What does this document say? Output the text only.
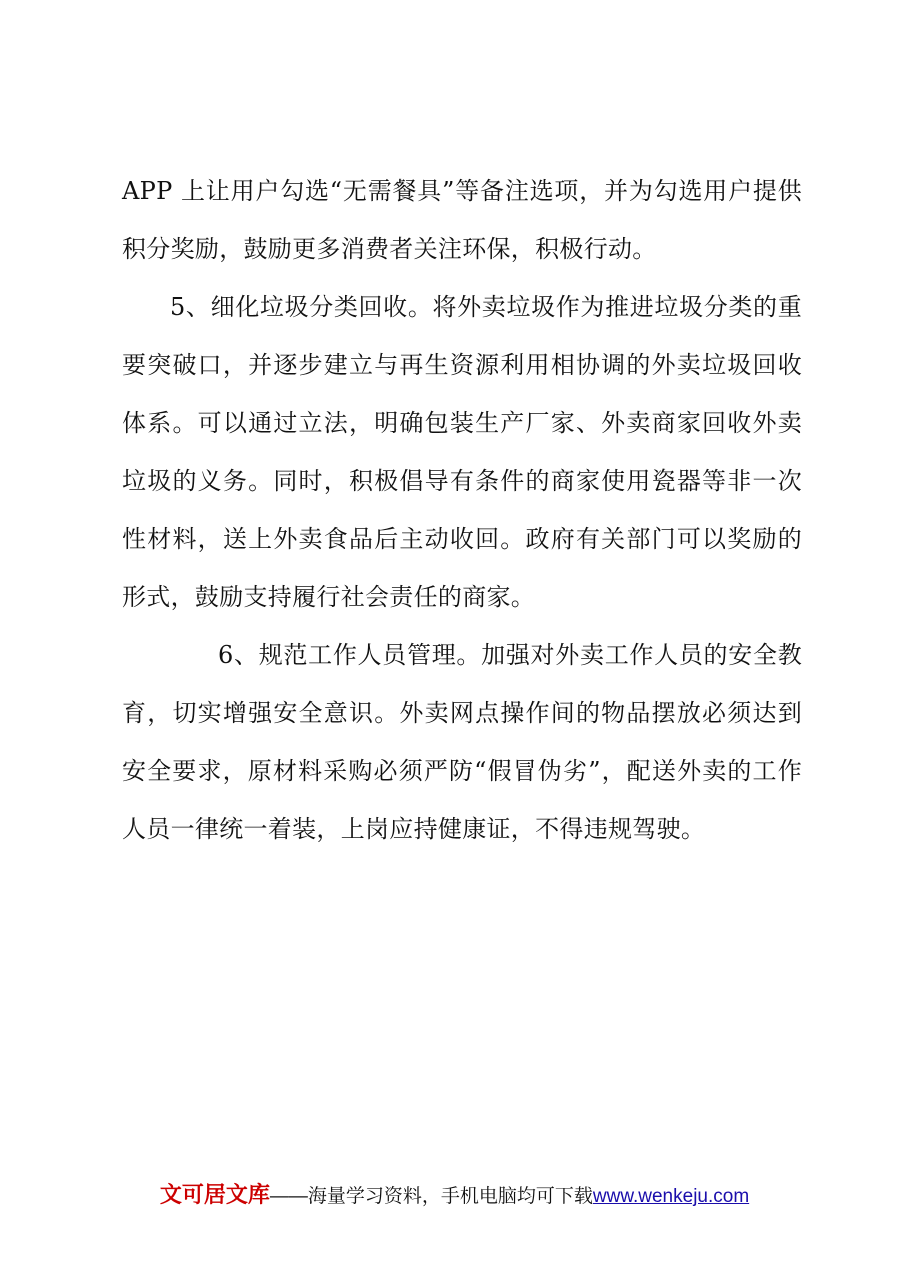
APP 上让用户勾选“无需餐具”等备注选项，并为勾选用户提供积分奖励，鼓励更多消费者关注环保，积极行动。

5、细化垃圾分类回收。将外卖垃圾作为推进垃圾分类的重要突破口，并逐步建立与再生资源利用相协调的外卖垃圾回收体系。可以通过立法，明确包装生产厂家、外卖商家回收外卖垃圾的义务。同时，积极倡导有条件的商家使用瓷器等非一次性材料，送上外卖食品后主动收回。政府有关部门可以奖励的形式，鼓励支持履行社会责任的商家。

6、规范工作人员管理。加强对外卖工作人员的安全教育，切实增强安全意识。外卖网点操作间的物品摆放必须达到安全要求，原材料采购必须严防“假冒伪劣”，配送外卖的工作人员一律统一着装，上岗应持健康证，不得违规驾驶。

文可居文库——海量学习资料，手机电脑均可下载www.wenkeju.com
